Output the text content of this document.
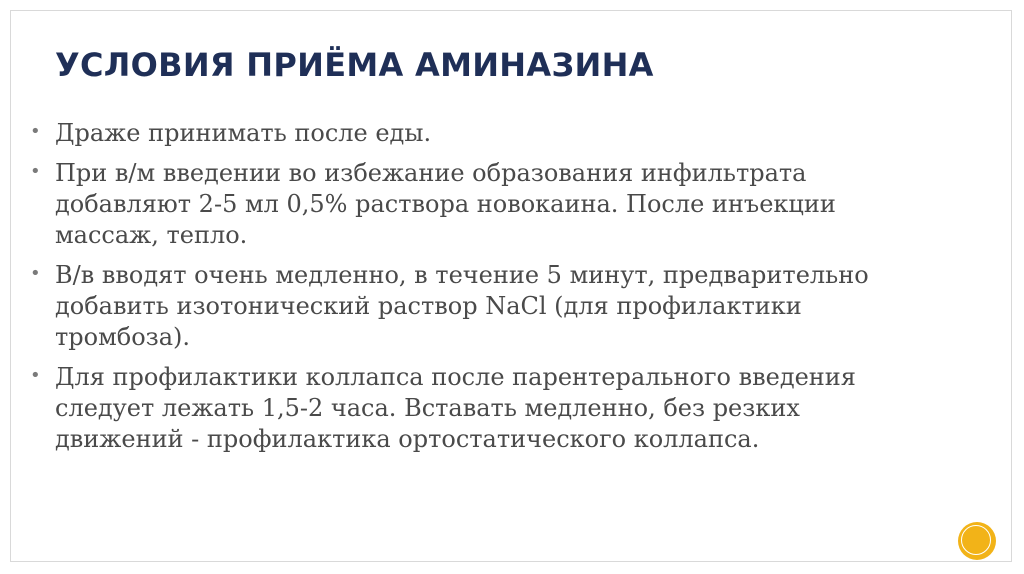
УСЛОВИЯ ПРИЁМА АМИНАЗИНА
• Драже принимать после еды.
• При в/м введении во избежание образования инфильтрата
добавляют 2-5 мл 0,5% раствора новокаина. После инъекции
массаж, тепло.
• В/в вводят очень медленно, в течение 5 минут, предварительно
добавить изотонический раствор NaCl (для профилактики
тромбоза).
• Для профилактики коллапса после парентерального введения
следует лежать 1,5-2 часа. Вставать медленно, без резких
движений - профилактика ортостатического коллапса.
